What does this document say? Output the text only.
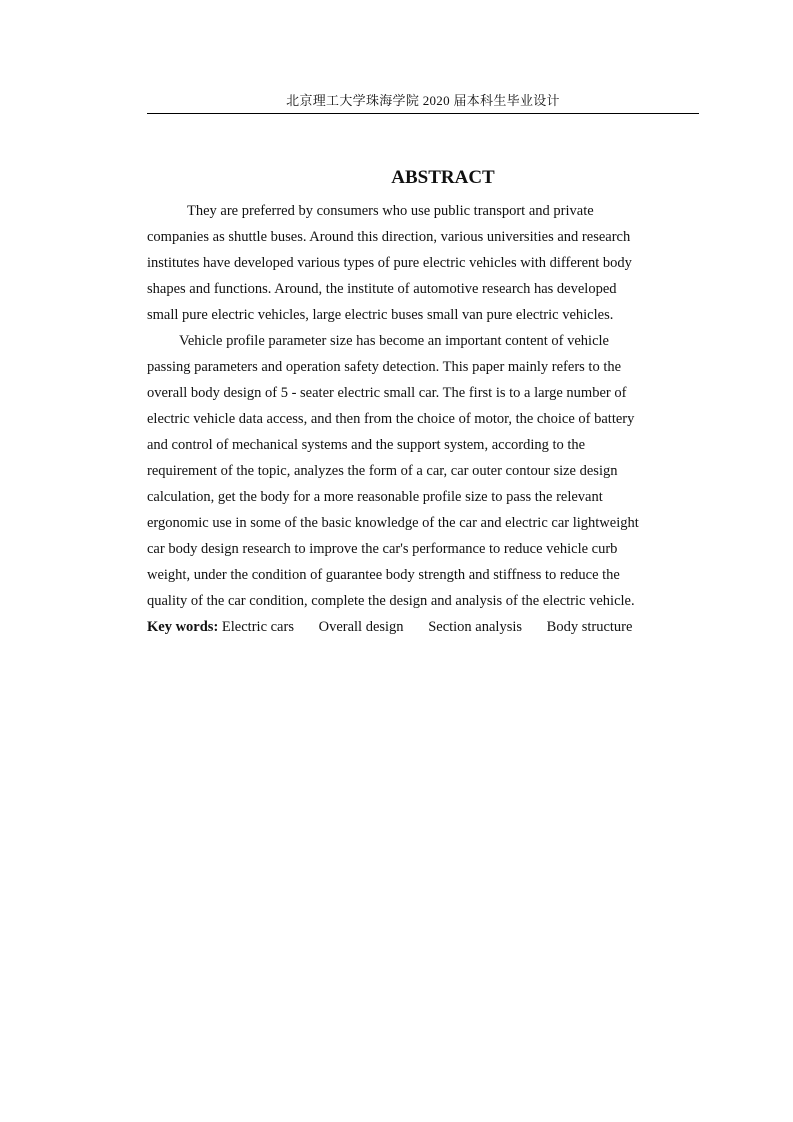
北京理工大学珠海学院 2020 届本科生毕业设计
ABSTRACT

They are preferred by consumers who use public transport and private
companies as shuttle buses. Around this direction, various universities and research
institutes have developed various types of pure electric vehicles with different body
shapes and functions. Around, the institute of automotive research has developed
small pure electric vehicles, large electric buses small van pure electric vehicles.

Vehicle profile parameter size has become an important content of vehicle
passing parameters and operation safety detection. This paper mainly refers to the
overall body design of 5 - seater electric small car. The first is to a large number of
electric vehicle data access, and then from the choice of motor, the choice of battery
and control of mechanical systems and the support system, according to the
requirement of the topic, analyzes the form of a car, car outer contour size design
calculation, get the body for a more reasonable profile size to pass the relevant
ergonomic use in some of the basic knowledge of the car and electric car lightweight
car body design research to improve the car's performance to reduce vehicle curb
weight, under the condition of guarantee body strength and stiffness to reduce the
quality of the car condition, complete the design and analysis of the electric vehicle.

Key words: Electric cars Overall design Section analysis Body structure
